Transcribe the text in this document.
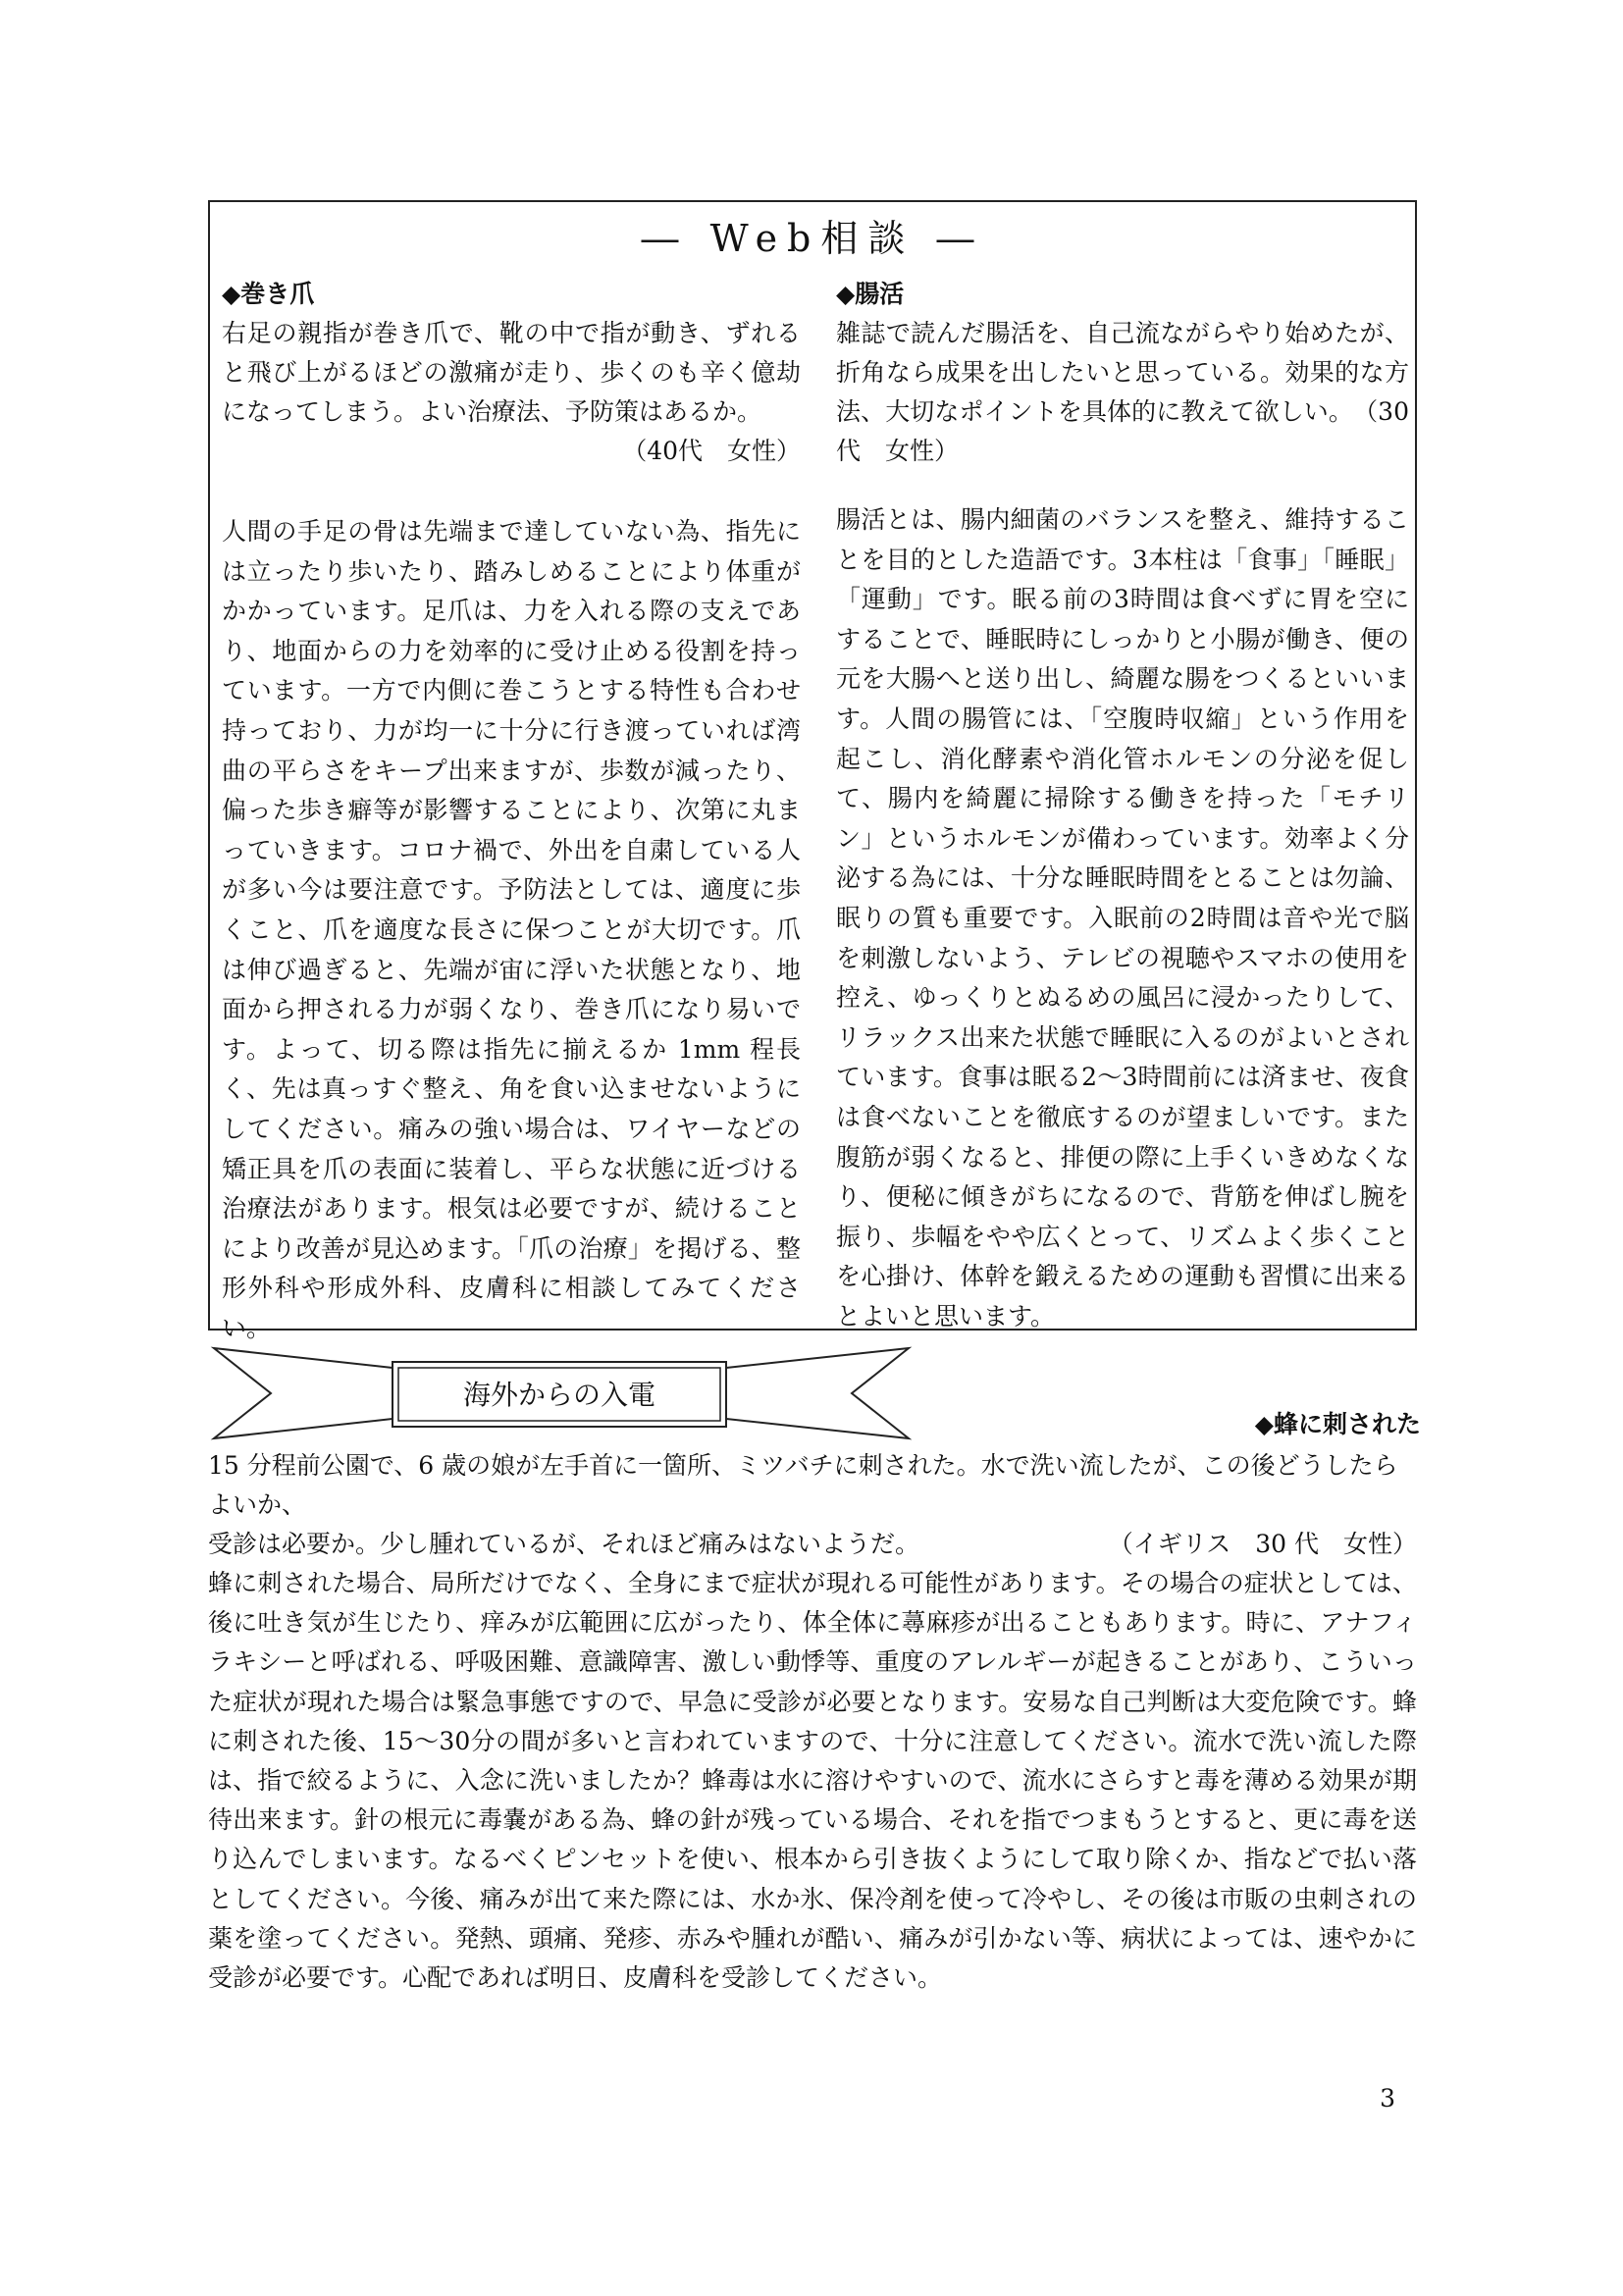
― Web相談 ―
◆巻き爪
右足の親指が巻き爪で、靴の中で指が動き、ずれると飛び上がるほどの激痛が走り、歩くのも辛く億劫になってしまう。よい治療法、予防策はあるか。
（40代　女性）
人間の手足の骨は先端まで達していない為、指先には立ったり歩いたり、踏みしめることにより体重がかかっています。足爪は、力を入れる際の支えであり、地面からの力を効率的に受け止める役割を持っています。一方で内側に巻こうとする特性も合わせ持っており、力が均一に十分に行き渡っていれば湾曲の平らさをキープ出来ますが、歩数が減ったり、偏った歩き癖等が影響することにより、次第に丸まっていきます。コロナ禍で、外出を自粛している人が多い今は要注意です。予防法としては、適度に歩くこと、爪を適度な長さに保つことが大切です。爪は伸び過ぎると、先端が宙に浮いた状態となり、地面から押される力が弱くなり、巻き爪になり易いです。よって、切る際は指先に揃えるか 1mm 程長く、先は真っすぐ整え、角を食い込ませないようにしてください。痛みの強い場合は、ワイヤーなどの矯正具を爪の表面に装着し、平らな状態に近づける治療法があります。根気は必要ですが、続けることにより改善が見込めます。「爪の治療」を掲げる、整形外科や形成外科、皮膚科に相談してみてください。
◆腸活
雑誌で読んだ腸活を、自己流ながらやり始めたが、折角なら成果を出したいと思っている。効果的な方法、大切なポイントを具体的に教えて欲しい。　（30代　女性）
腸活とは、腸内細菌のバランスを整え、維持することを目的とした造語です。3本柱は「食事」「睡眠」「運動」です。眠る前の3時間は食べずに胃を空にすることで、睡眠時にしっかりと小腸が働き、便の元を大腸へと送り出し、綺麗な腸をつくるといいます。人間の腸管には、「空腹時収縮」という作用を起こし、消化酵素や消化管ホルモンの分泌を促して、腸内を綺麗に掃除する働きを持った「モチリン」というホルモンが備わっています。効率よく分泌する為には、十分な睡眠時間をとることは勿論、眠りの質も重要です。入眠前の2時間は音や光で脳を刺激しないよう、テレビの視聴やスマホの使用を控え、ゆっくりとぬるめの風呂に浸かったりして、リラックス出来た状態で睡眠に入るのがよいとされています。食事は眠る2～3時間前には済ませ、夜食は食べないことを徹底するのが望ましいです。また腹筋が弱くなると、排便の際に上手くいきめなくなり、便秘に傾きがちになるので、背筋を伸ばし腕を振り、歩幅をやや広くとって、リズムよく歩くことを心掛け、体幹を鍛えるための運動も習慣に出来るとよいと思います。
海外からの入電
◆蜂に刺された
15 分程前公園で、6 歳の娘が左手首に一箇所、ミツバチに刺された。水で洗い流したが、この後どうしたらよいか、
受診は必要か。少し腫れているが、それほど痛みはないようだ。	（イギリス　30 代　女性）
蜂に刺された場合、局所だけでなく、全身にまで症状が現れる可能性があります。その場合の症状としては、後に吐き気が生じたり、痒みが広範囲に広がったり、体全体に蕁麻疹が出ることもあります。時に、アナフィラキシーと呼ばれる、呼吸困難、意識障害、激しい動悸等、重度のアレルギーが起きることがあり、こういった症状が現れた場合は緊急事態ですので、早急に受診が必要となります。安易な自己判断は大変危険です。蜂に刺された後、15～30分の間が多いと言われていますので、十分に注意してください。流水で洗い流した際は、指で絞るように、入念に洗いましたか？蜂毒は水に溶けやすいので、流水にさらすと毒を薄める効果が期待出来ます。針の根元に毒嚢がある為、蜂の針が残っている場合、それを指でつまもうとすると、更に毒を送り込んでしまいます。なるべくピンセットを使い、根本から引き抜くようにして取り除くか、指などで払い落としてください。今後、痛みが出て来た際には、水か氷、保冷剤を使って冷やし、その後は市販の虫刺されの薬を塗ってください。発熱、頭痛、発疹、赤みや腫れが酷い、痛みが引かない等、病状によっては、速やかに受診が必要です。心配であれば明日、皮膚科を受診してください。
3
